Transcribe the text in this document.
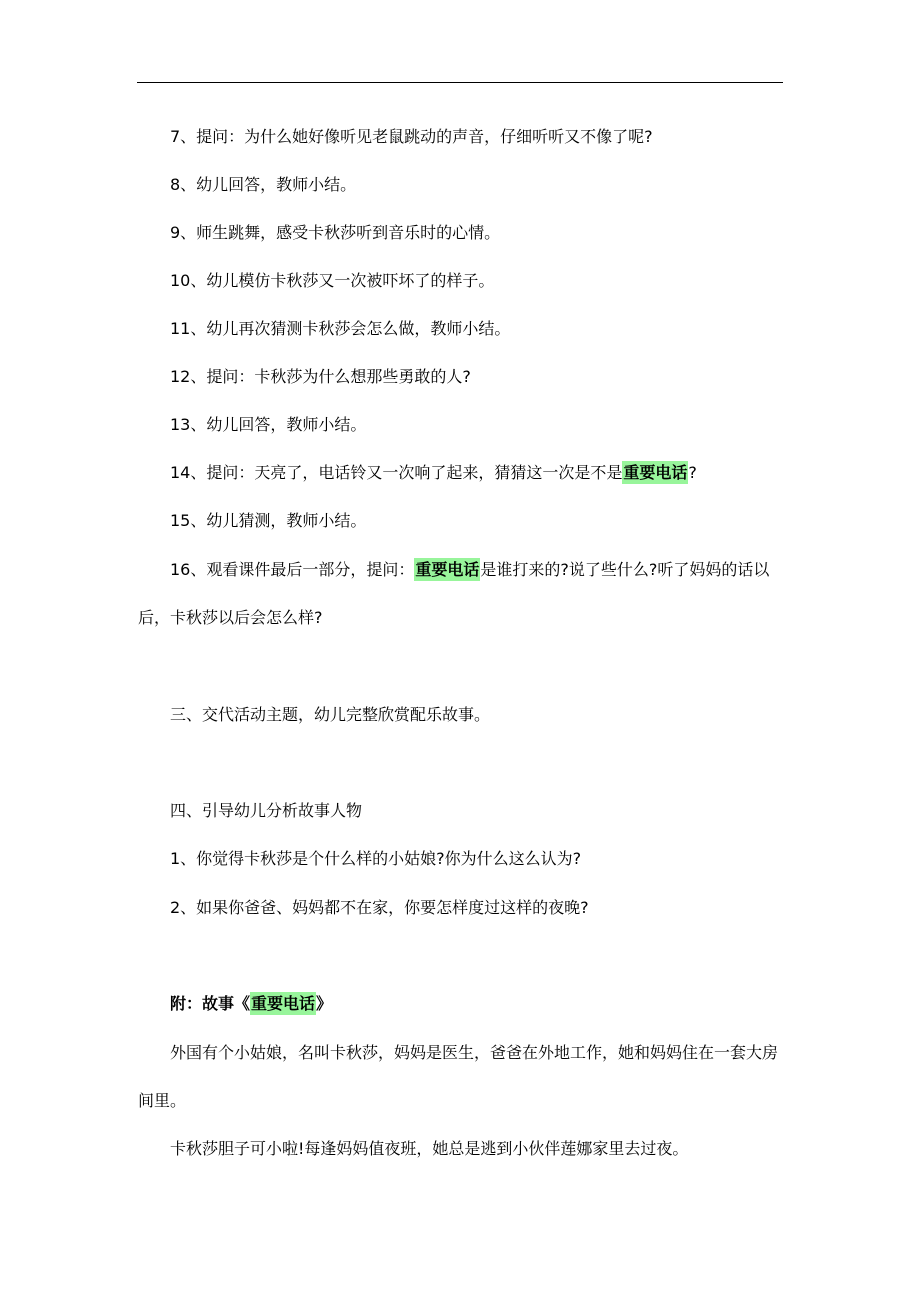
7、提问：为什么她好像听见老鼠跳动的声音，仔细听听又不像了呢?
8、幼儿回答，教师小结。
9、师生跳舞，感受卡秋莎听到音乐时的心情。
10、幼儿模仿卡秋莎又一次被吓坏了的样子。
11、幼儿再次猜测卡秋莎会怎么做，教师小结。
12、提问：卡秋莎为什么想那些勇敢的人?
13、幼儿回答，教师小结。
14、提问：天亮了，电话铃又一次响了起来，猜猜这一次是不是重要电话?
15、幼儿猜测，教师小结。
16、观看课件最后一部分，提问：重要电话是谁打来的?说了些什么?听了妈妈的话以
后，卡秋莎以后会怎么样?
三、交代活动主题，幼儿完整欣赏配乐故事。
四、引导幼儿分析故事人物
1、你觉得卡秋莎是个什么样的小姑娘?你为什么这么认为?
2、如果你爸爸、妈妈都不在家，你要怎样度过这样的夜晚?
附：故事《重要电话》
外国有个小姑娘，名叫卡秋莎，妈妈是医生，爸爸在外地工作，她和妈妈住在一套大房
间里。
卡秋莎胆子可小啦!每逢妈妈值夜班，她总是逃到小伙伴莲娜家里去过夜。
